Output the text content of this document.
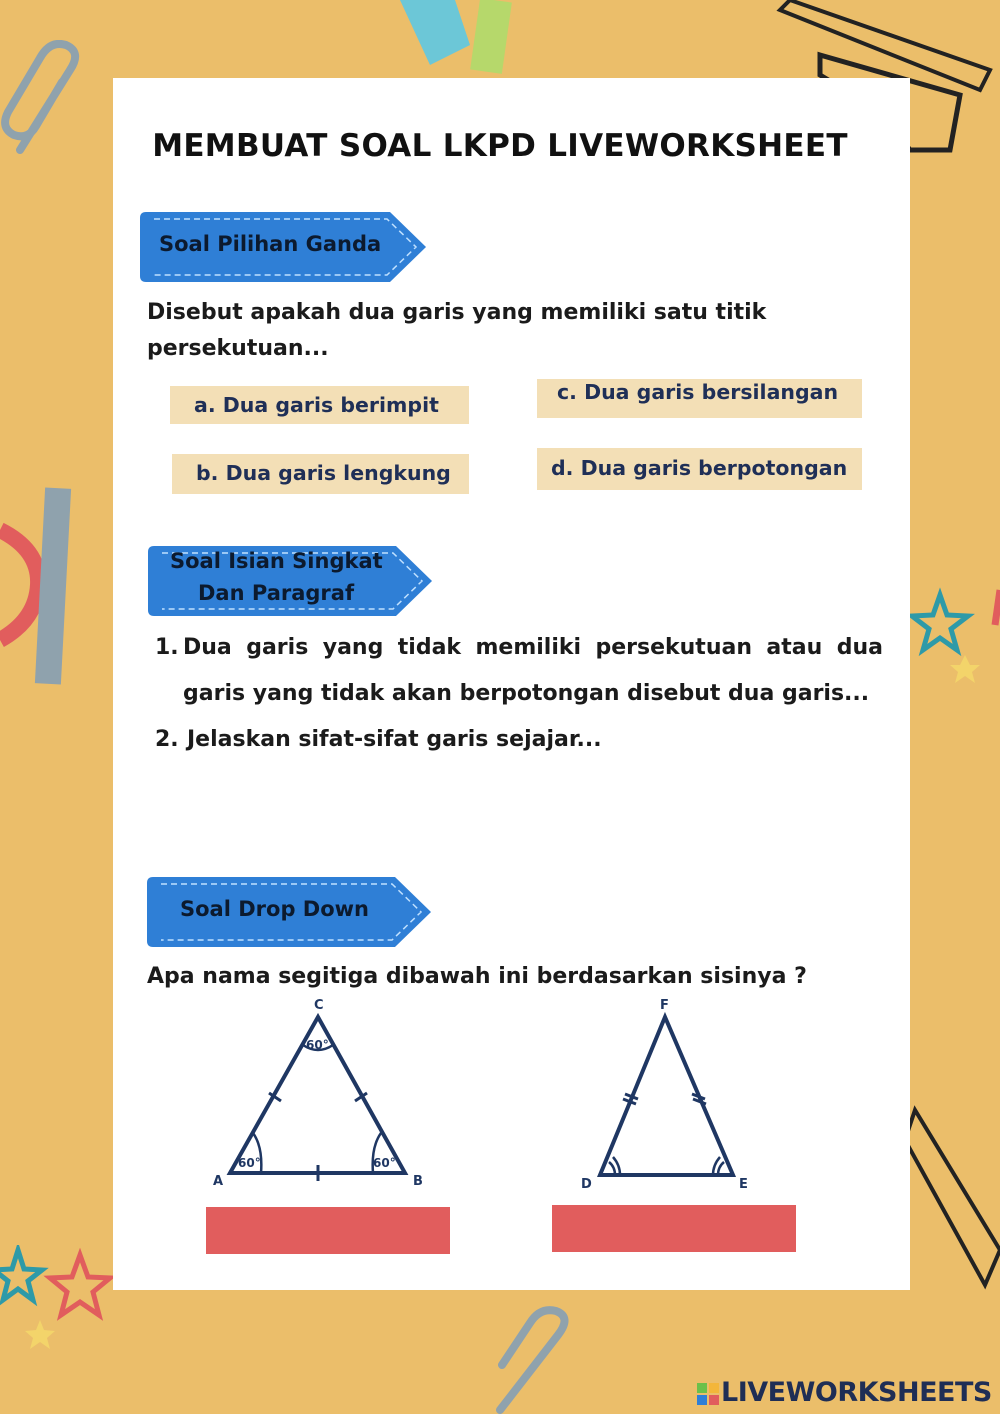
MEMBUAT SOAL LKPD LIVEWORKSHEET
Soal Pilihan Ganda
Disebut apakah dua garis yang memiliki satu titik persekutuan...
a. Dua garis berimpit
c. Dua garis bersilangan
b. Dua garis lengkung	d. Dua garis berpotongan
Soal Isian Singkat
Dan Paragraf
1. Dua garis yang tidak memiliki persekutuan atau dua garis yang tidak akan berpotongan disebut dua garis...
2. Jelaskan sifat-sifat garis sejajar...
Soal Drop Down
Apa nama segitiga dibawah ini berdasarkan sisinya ?
C
A	B
60°
60°	60°
F
D	E
LIVEWORKSHEETS
